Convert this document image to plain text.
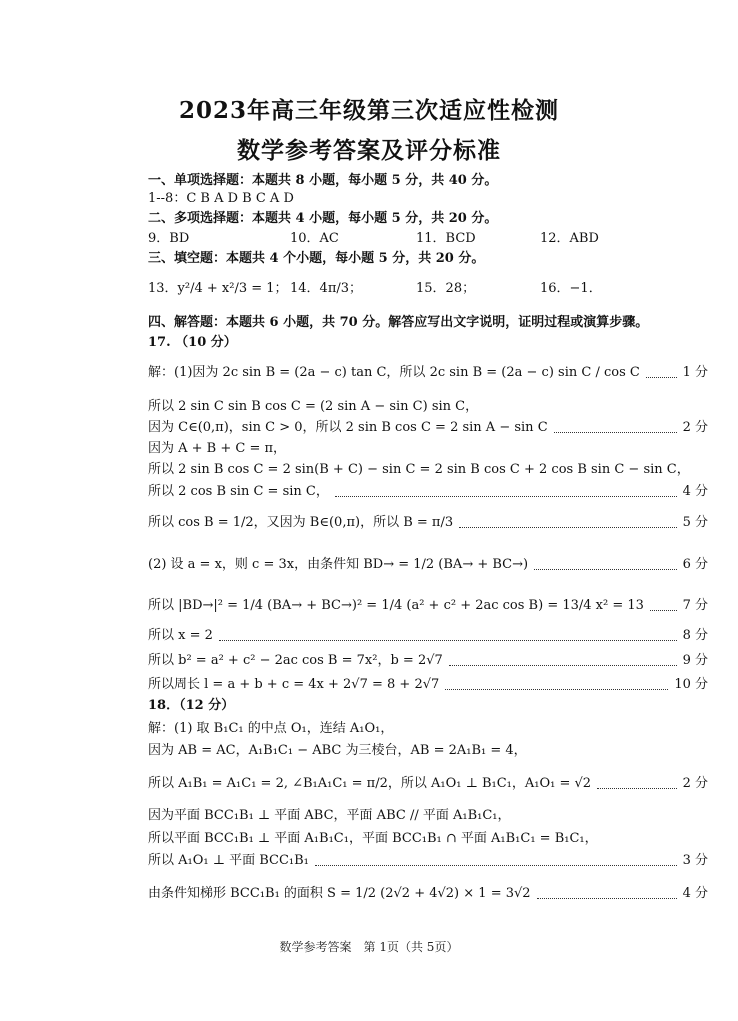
2023年高三年级第三次适应性检测
数学参考答案及评分标准
一、单项选择题：本题共 8 小题，每小题 5 分，共 40 分。
1--8：C B A D B C A D
二、多项选择题：本题共 4 小题，每小题 5 分，共 20 分。
9．BD	10．AC	11．BCD	12．ABD
三、填空题：本题共 4 个小题，每小题 5 分，共 20 分。
13．y²/4 + x²/3 = 1； 14．4π/3；	15．28；	16．−1．
四、解答题：本题共 6 小题，共 70 分。解答应写出文字说明，证明过程或演算步骤。
17. （10 分）
解：(1)因为 2c sin B = (2a − c) tan C，所以 2c sin B = (2a − c) sin C / cos C	1 分
所以 2 sin C sin B cos C = (2 sin A − sin C) sin C，
因为 C∈(0,π)，sin C > 0，所以 2 sin B cos C = 2 sin A − sin C	2 分
因为 A + B + C = π，
所以 2 sin B cos C = 2 sin(B + C) − sin C = 2 sin B cos C + 2 cos B sin C − sin C，
所以 2 cos B sin C = sin C，	4 分
所以 cos B = 1/2，又因为 B∈(0,π)，所以 B = π/3	5 分
(2) 设 a = x，则 c = 3x，由条件知 BD→ = 1/2 (BA→ + BC→)	6 分
所以 |BD→|² = 1/4 (BA→ + BC→)² = 1/4 (a² + c² + 2ac cos B) = 13/4 x² = 13	7 分
所以 x = 2	8 分
所以 b² = a² + c² − 2ac cos B = 7x²，b = 2√7	9 分
所以周长 l = a + b + c = 4x + 2√7 = 8 + 2√7	10 分
18．（12 分）
解：(1) 取 B₁C₁ 的中点 O₁，连结 A₁O₁，
因为 AB = AC，A₁B₁C₁ − ABC 为三棱台，AB = 2A₁B₁ = 4，
所以 A₁B₁ = A₁C₁ = 2, ∠B₁A₁C₁ = π/2，所以 A₁O₁ ⊥ B₁C₁，A₁O₁ = √2	2 分
因为平面 BCC₁B₁ ⊥ 平面 ABC，平面 ABC // 平面 A₁B₁C₁，
所以平面 BCC₁B₁ ⊥ 平面 A₁B₁C₁，平面 BCC₁B₁ ∩ 平面 A₁B₁C₁ = B₁C₁，
所以 A₁O₁ ⊥ 平面 BCC₁B₁	3 分
由条件知梯形 BCC₁B₁ 的面积 S = 1/2 (2√2 + 4√2) × 1 = 3√2	4 分
数学参考答案　第 1页（共 5页）
